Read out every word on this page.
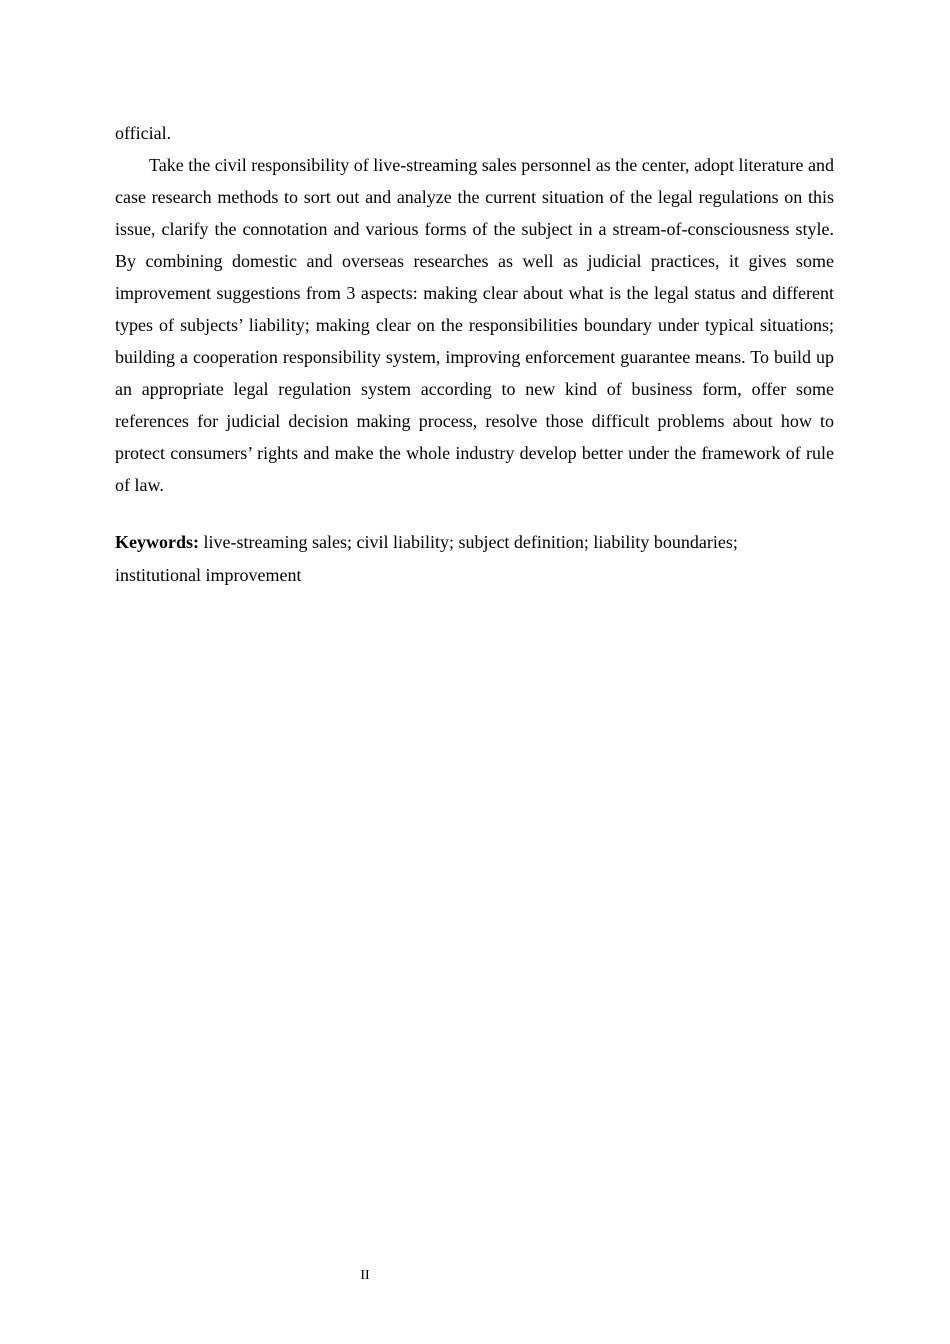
official.

Take the civil responsibility of live-streaming sales personnel as the center, adopt literature and case research methods to sort out and analyze the current situation of the legal regulations on this issue, clarify the connotation and various forms of the subject in a stream-of-consciousness style. By combining domestic and overseas researches as well as judicial practices, it gives some improvement suggestions from 3 aspects: making clear about what is the legal status and different types of subjects’ liability; making clear on the responsibilities boundary under typical situations; building a cooperation responsibility system, improving enforcement guarantee means. To build up an appropriate legal regulation system according to new kind of business form, offer some references for judicial decision making process, resolve those difficult problems about how to protect consumers’ rights and make the whole industry develop better under the framework of rule of law.

Keywords: live-streaming sales; civil liability; subject definition; liability boundaries;
institutional improvement
II
